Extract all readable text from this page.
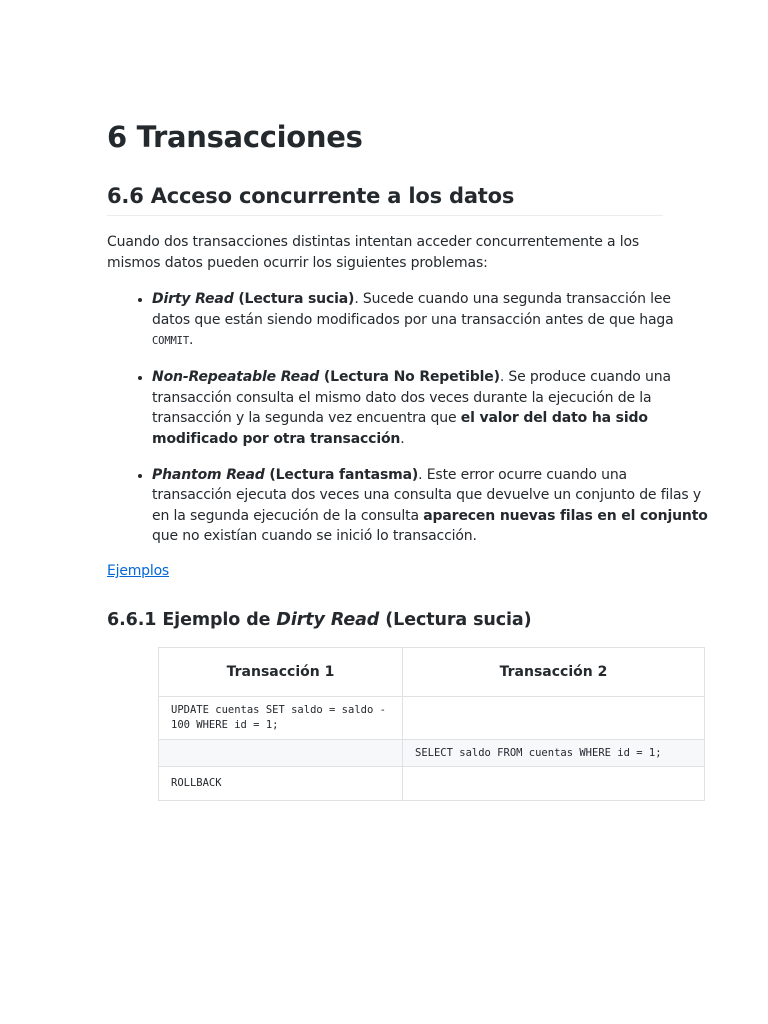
6 Transacciones
6.6 Acceso concurrente a los datos

Cuando dos transacciones distintas intentan acceder concurrentemente a los mismos datos pueden ocurrir los siguientes problemas:

• Dirty Read (Lectura sucia). Sucede cuando una segunda transacción lee datos que están siendo modificados por una transacción antes de que haga COMMIT.
• Non-Repeatable Read (Lectura No Repetible). Se produce cuando una transacción consulta el mismo dato dos veces durante la ejecución de la transacción y la segunda vez encuentra que el valor del dato ha sido modificado por otra transacción.
• Phantom Read (Lectura fantasma). Este error ocurre cuando una transacción ejecuta dos veces una consulta que devuelve un conjunto de filas y en la segunda ejecución de la consulta aparecen nuevas filas en el conjunto que no existían cuando se inició lo transacción.
Ejemplos
6.6.1 Ejemplo de Dirty Read (Lectura sucia)
Transacción 1	Transacción 2
UPDATE cuentas SET saldo = saldo - 100 WHERE id = 1;	
	SELECT saldo FROM cuentas WHERE id = 1;
ROLLBACK	
